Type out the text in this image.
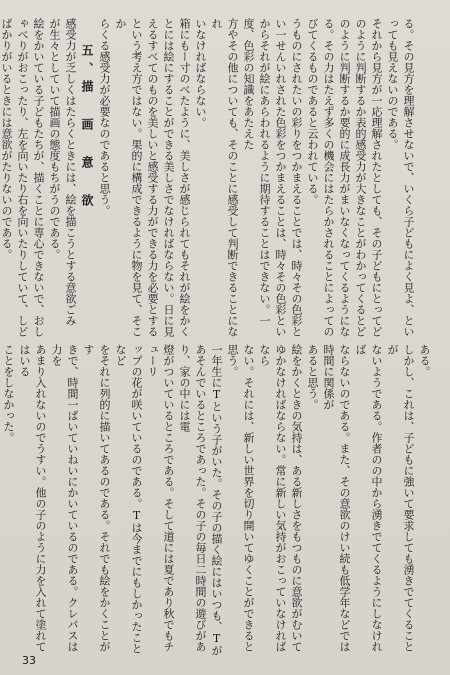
る。その見方を理解させないで、いくら子どもによく見よ、といっても見えないのである。
それから見方が一応理解されたとしても、その子どもにとってどのように判断するか表的感受力が大きなことがわかってくるとどのように判断するか要的に成長力がまいなくなってくるようになる。その力はたえず多くの機会にはたらかされることによってのびてくるものであると云われている。
うものにされたいの彩りをつかまえることでは、時々その色彩とい一せんいれされた色彩をつかまえることは、時々その色彩とい
からそれが絵にあらわれるように期待することはできない。一度、色彩の知識をあたえた
方やその他についても、そのことに感受して判断できることになれ
いなければならない。
箱にもー寸のべたように、美しさが感じられてもそれが絵をかく
とには絵にすることができる美しさでなければならない。日に見
えるすべてのものを美しいと感受する力ができる力を必要とする
という考え方ではない。果的に構成できるように物を見て、そこか
らくる感受力が必要なのであると思う。
五、描 画 意 欲
感受力が乏しくはたらくときには、絵を描こうとする意欲ごみ
が生々としていて描画の態度もちがうのである。
絵をかいている子どもたちが、描くことに専心できないで、おし
ゃべりがおこったり、左を向いたり右を向いたりしていて、しど
ばかりがいるときには意欲がたりないのである。

ある。
しかし、これは、子どもに強いて要求しても湧きでてくることが
ないようである。作者のの中から湧きでてくるようにしなければ
ならないのである。また、その意欲のけい続も低学年などでは時間に関係が
あると思う。
絵をかくときの気持は、ある新しさをもつものに意欲がむいて
ゆかなければならない。常に新しい気持がおこっていなければなら
ない。それには、新しい世界を切り開いてゆくことができると思う。
一年生にTという子がいた。その子の描く絵にはいつも、Tが
あそんでいるところであった。その子の毎日二時間の遊びがあり、家の中には電
燈がついているところである。そして道には夏であり秋でもチューリ
ップの花が咲いているのである。Tは今までにもしかったことなど
をそれに列的に描いてあるのである。それでも絵をかくことがす
きで、時間一ぱいていねいにかいているのである。クレパスは力を
あまり入れないのでうすい。他の子のように力を入れて塗れてはいる
ことをしなかった。

33
